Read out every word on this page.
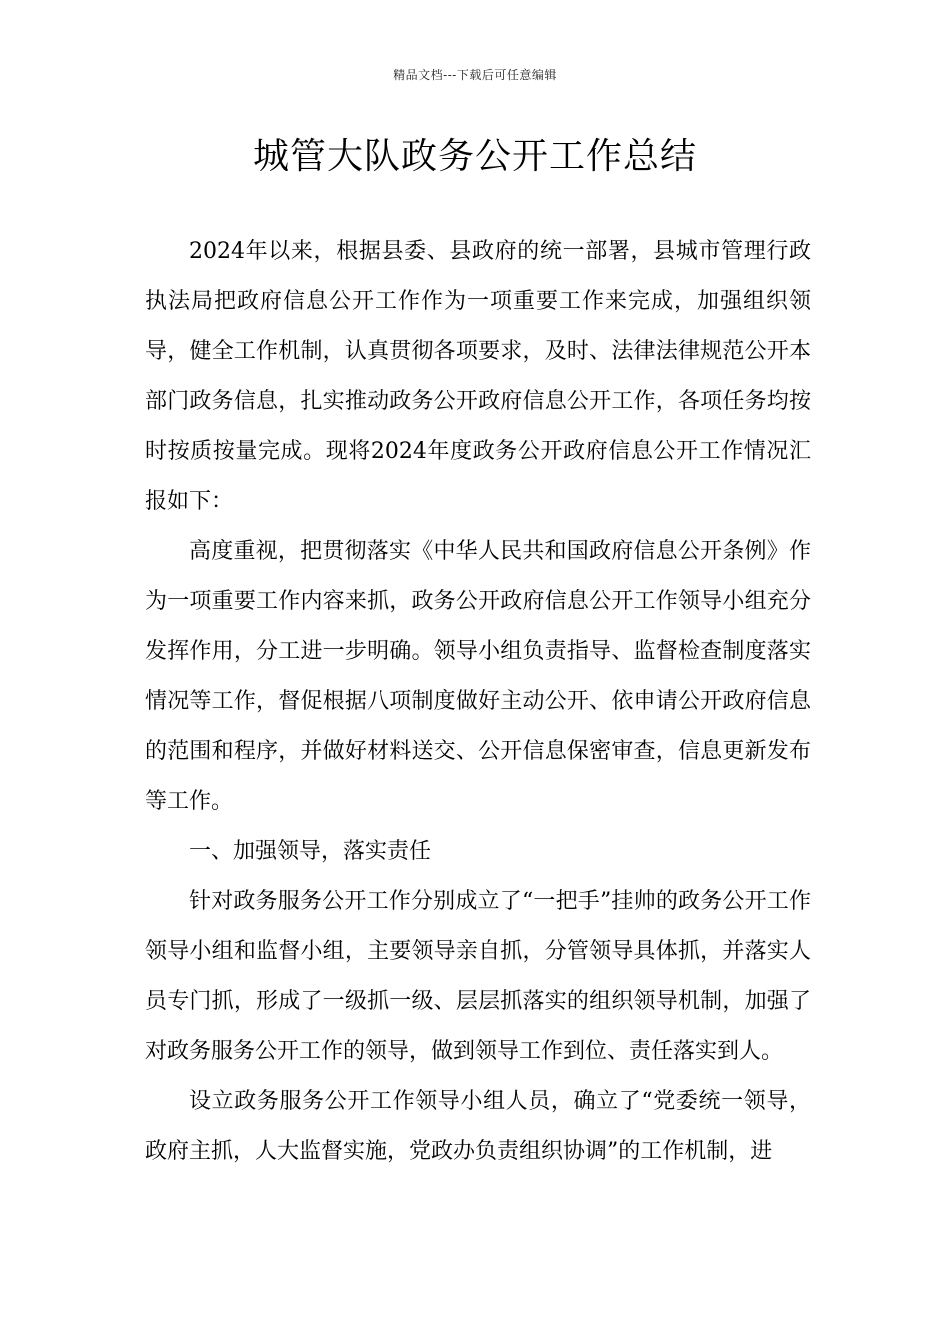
精品文档---下载后可任意编辑
城管大队政务公开工作总结

2024年以来，根据县委、县政府的统一部署，县城市管理行政执法局把政府信息公开工作作为一项重要工作来完成，加强组织领导，健全工作机制，认真贯彻各项要求，及时、法律法律规范公开本部门政务信息，扎实推动政务公开政府信息公开工作，各项任务均按时按质按量完成。现将2024年度政务公开政府信息公开工作情况汇报如下：

高度重视，把贯彻落实《中华人民共和国政府信息公开条例》作为一项重要工作内容来抓，政务公开政府信息公开工作领导小组充分发挥作用，分工进一步明确。领导小组负责指导、监督检查制度落实情况等工作，督促根据八项制度做好主动公开、依申请公开政府信息的范围和程序，并做好材料送交、公开信息保密审查，信息更新发布等工作。

一、加强领导，落实责任

针对政务服务公开工作分别成立了“一把手”挂帅的政务公开工作领导小组和监督小组，主要领导亲自抓，分管领导具体抓，并落实人员专门抓，形成了一级抓一级、层层抓落实的组织领导机制，加强了对政务服务公开工作的领导，做到领导工作到位、责任落实到人。

设立政务服务公开工作领导小组人员，确立了“党委统一领导，政府主抓，人大监督实施，党政办负责组织协调”的工作机制，进
